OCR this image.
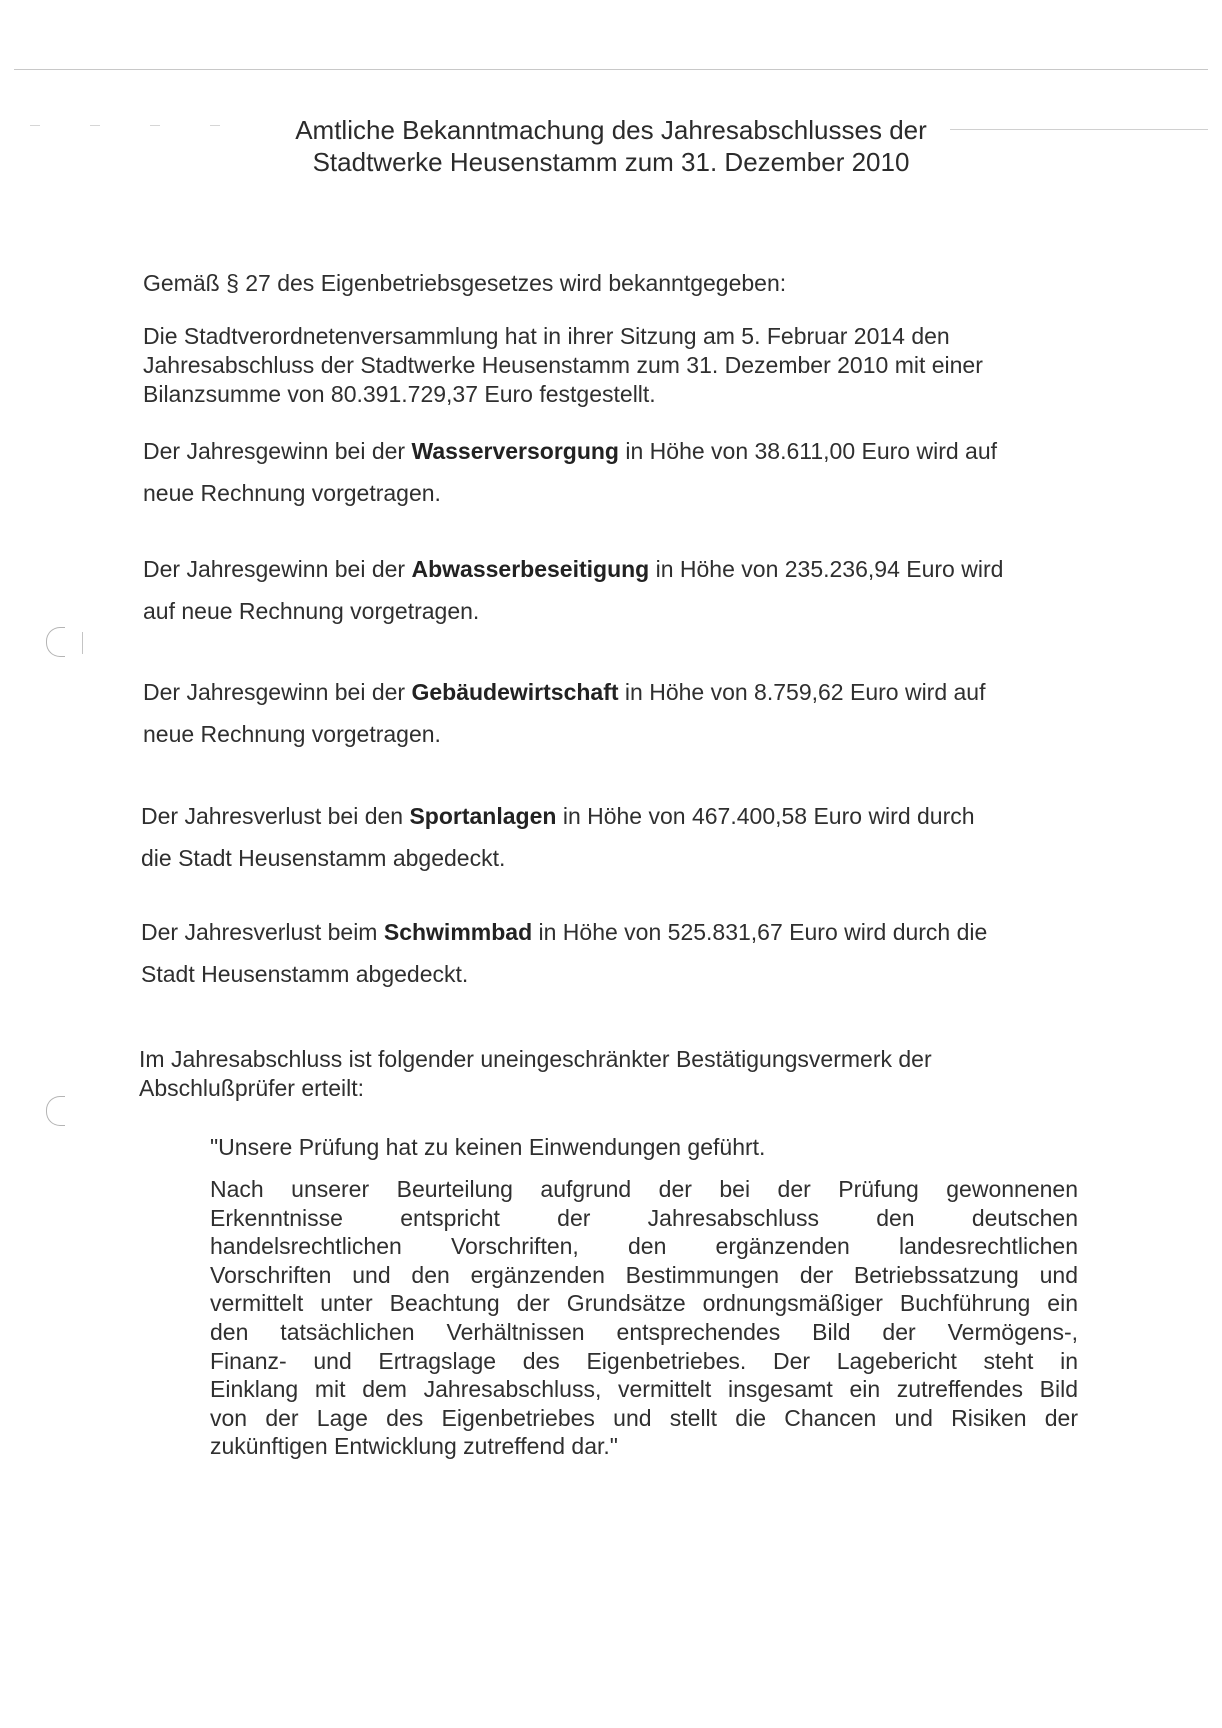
Amtliche Bekanntmachung des Jahresabschlusses der
Stadtwerke Heusenstamm zum 31. Dezember 2010

Gemäß § 27 des Eigenbetriebsgesetzes wird bekanntgegeben:

Die Stadtverordnetenversammlung hat in ihrer Sitzung am 5. Februar 2014 den
Jahresabschluss der Stadtwerke Heusenstamm zum 31. Dezember 2010 mit einer
Bilanzsumme von 80.391.729,37 Euro festgestellt.
Der Jahresgewinn bei der Wasserversorgung in Höhe von 38.611,00 Euro wird auf
neue Rechnung vorgetragen.
Der Jahresgewinn bei der Abwasserbeseitigung in Höhe von 235.236,94 Euro wird
auf neue Rechnung vorgetragen.
Der Jahresgewinn bei der Gebäudewirtschaft in Höhe von 8.759,62 Euro wird auf
neue Rechnung vorgetragen.
Der Jahresverlust bei den Sportanlagen in Höhe von 467.400,58 Euro wird durch
die Stadt Heusenstamm abgedeckt.
Der Jahresverlust beim Schwimmbad in Höhe von 525.831,67 Euro wird durch die
Stadt Heusenstamm abgedeckt.
Im Jahresabschluss ist folgender uneingeschränkter Bestätigungsvermerk der
Abschlußprüfer erteilt:

"Unsere Prüfung hat zu keinen Einwendungen geführt.

Nach unserer Beurteilung aufgrund der bei der Prüfung gewonnenen
Erkenntnisse entspricht der Jahresabschluss den deutschen
handelsrechtlichen Vorschriften, den ergänzenden landesrechtlichen
Vorschriften und den ergänzenden Bestimmungen der Betriebssatzung und
vermittelt unter Beachtung der Grundsätze ordnungsmäßiger Buchführung ein
den tatsächlichen Verhältnissen entsprechendes Bild der Vermögens-,
Finanz- und Ertragslage des Eigenbetriebes. Der Lagebericht steht in
Einklang mit dem Jahresabschluss, vermittelt insgesamt ein zutreffendes Bild
von der Lage des Eigenbetriebes und stellt die Chancen und Risiken der
zukünftigen Entwicklung zutreffend dar."
